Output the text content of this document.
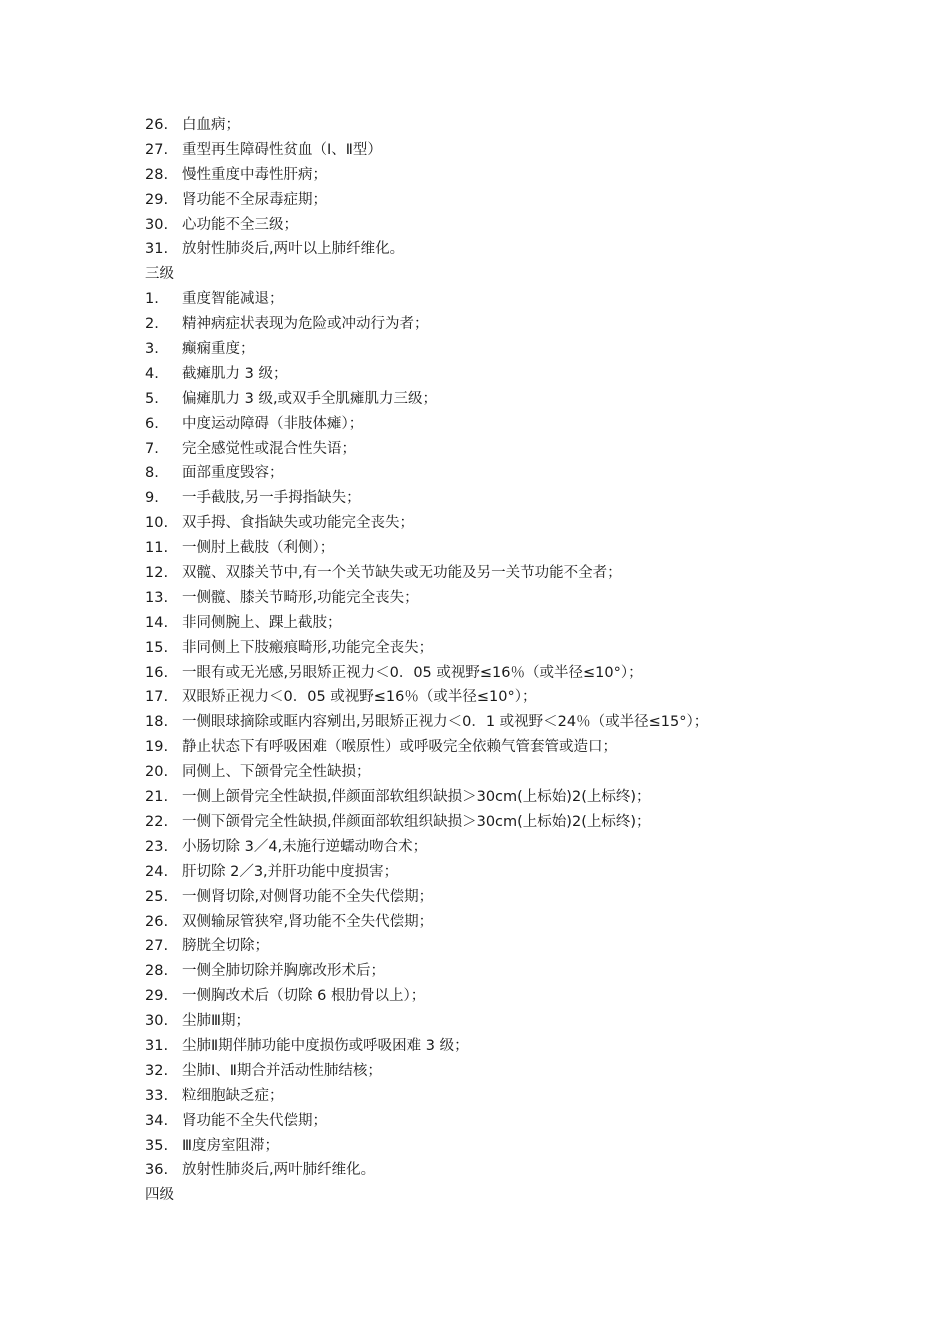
26. 白血病；
27. 重型再生障碍性贫血（Ⅰ、Ⅱ型）
28. 慢性重度中毒性肝病；
29. 肾功能不全尿毒症期；
30. 心功能不全三级；
31. 放射性肺炎后,两叶以上肺纤维化。
三级
1. 重度智能减退；
2. 精神病症状表现为危险或冲动行为者；
3. 癫痫重度；
4. 截瘫肌力 3 级；
5. 偏瘫肌力 3 级,或双手全肌瘫肌力三级；
6. 中度运动障碍（非肢体瘫）；
7. 完全感觉性或混合性失语；
8. 面部重度毁容；
9. 一手截肢,另一手拇指缺失；
10. 双手拇、食指缺失或功能完全丧失；
11. 一侧肘上截肢（利侧）；
12. 双髋、双膝关节中,有一个关节缺失或无功能及另一关节功能不全者；
13. 一侧髋、膝关节畸形,功能完全丧失；
14. 非同侧腕上、踝上截肢；
15. 非同侧上下肢瘢痕畸形,功能完全丧失；
16. 一眼有或无光感,另眼矫正视力＜0．05 或视野≤16％（或半径≤10°）；
17. 双眼矫正视力＜0．05 或视野≤16％（或半径≤10°）；
18. 一侧眼球摘除或眶内容剜出,另眼矫正视力＜0．1 或视野＜24％（或半径≤15°）；
19. 静止状态下有呼吸困难（喉原性）或呼吸完全依赖气管套管或造口；
20. 同侧上、下颌骨完全性缺损；
21. 一侧上颌骨完全性缺损,伴颜面部软组织缺损＞30cm(上标始)2(上标终)；
22. 一侧下颌骨完全性缺损,伴颜面部软组织缺损＞30cm(上标始)2(上标终)；
23. 小肠切除 3／4,未施行逆蠕动吻合术；
24. 肝切除 2／3,并肝功能中度损害；
25. 一侧肾切除,对侧肾功能不全失代偿期；
26. 双侧输尿管狭窄,肾功能不全失代偿期；
27. 膀胱全切除；
28. 一侧全肺切除并胸廓改形术后；
29. 一侧胸改术后（切除 6 根肋骨以上）；
30. 尘肺Ⅲ期；
31. 尘肺Ⅱ期伴肺功能中度损伤或呼吸困难 3 级；
32. 尘肺Ⅰ、Ⅱ期合并活动性肺结核；
33. 粒细胞缺乏症；
34. 肾功能不全失代偿期；
35. Ⅲ度房室阻滞；
36. 放射性肺炎后,两叶肺纤维化。
四级
